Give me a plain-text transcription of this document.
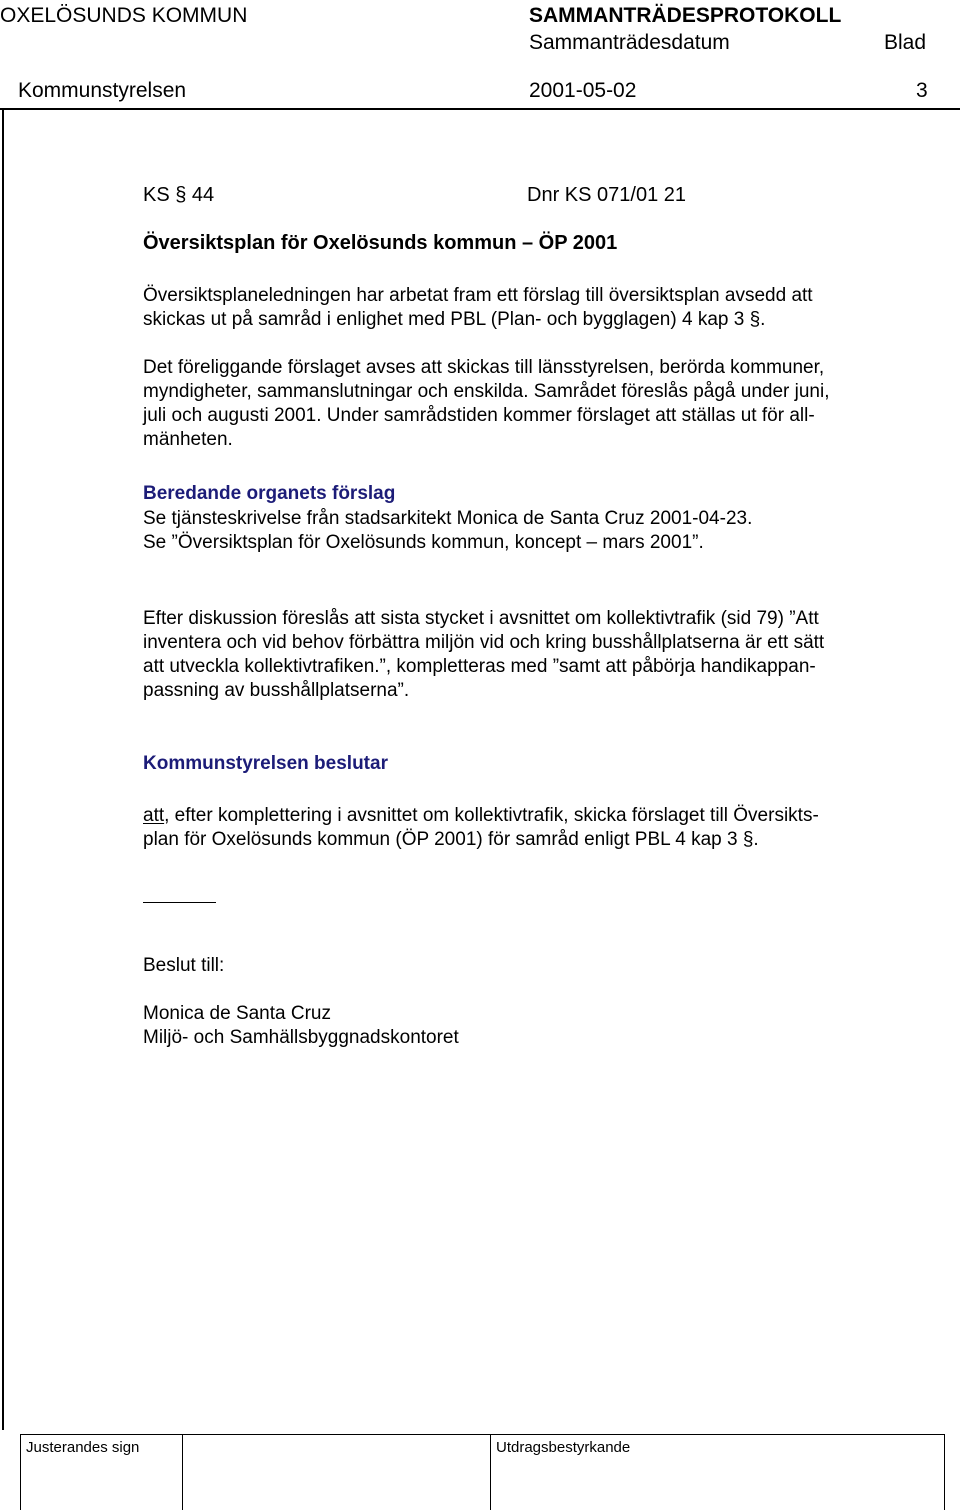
OXELÖSUNDS KOMMUN	SAMMANTRÄDESPROTOKOLL
Sammanträdesdatum	Blad
Kommunstyrelsen	2001-05-02	3
KS § 44	Dnr KS 071/01 21
Översiktsplan för Oxelösunds kommun – ÖP 2001
Översiktsplaneledningen har arbetat fram ett förslag till översiktsplan avsedd att
skickas ut på samråd i enlighet med PBL (Plan- och bygglagen) 4 kap 3 §.
Det föreliggande förslaget avses att skickas till länsstyrelsen, berörda kommuner,
myndigheter, sammanslutningar och enskilda. Samrådet föreslås pågå under juni,
juli och augusti 2001. Under samrådstiden kommer förslaget att ställas ut för all-
mänheten.
Beredande organets förslag
Se tjänsteskrivelse från stadsarkitekt Monica de Santa Cruz 2001-04-23.
Se ”Översiktsplan för Oxelösunds kommun, koncept – mars 2001”.
Efter diskussion föreslås att sista stycket i avsnittet om kollektivtrafik (sid 79) ”Att
inventera och vid behov förbättra miljön vid och kring busshållplatserna är ett sätt
att utveckla kollektivtrafiken.”, kompletteras med ”samt att påbörja handikappan-
passning av busshållplatserna”.
Kommunstyrelsen beslutar
att, efter komplettering i avsnittet om kollektivtrafik, skicka förslaget till Översikts-
plan för Oxelösunds kommun (ÖP 2001) för samråd enligt PBL 4 kap 3 §.
Beslut till:
Monica de Santa Cruz
Miljö- och Samhällsbyggnadskontoret
Justerandes sign	Utdragsbestyrkande
